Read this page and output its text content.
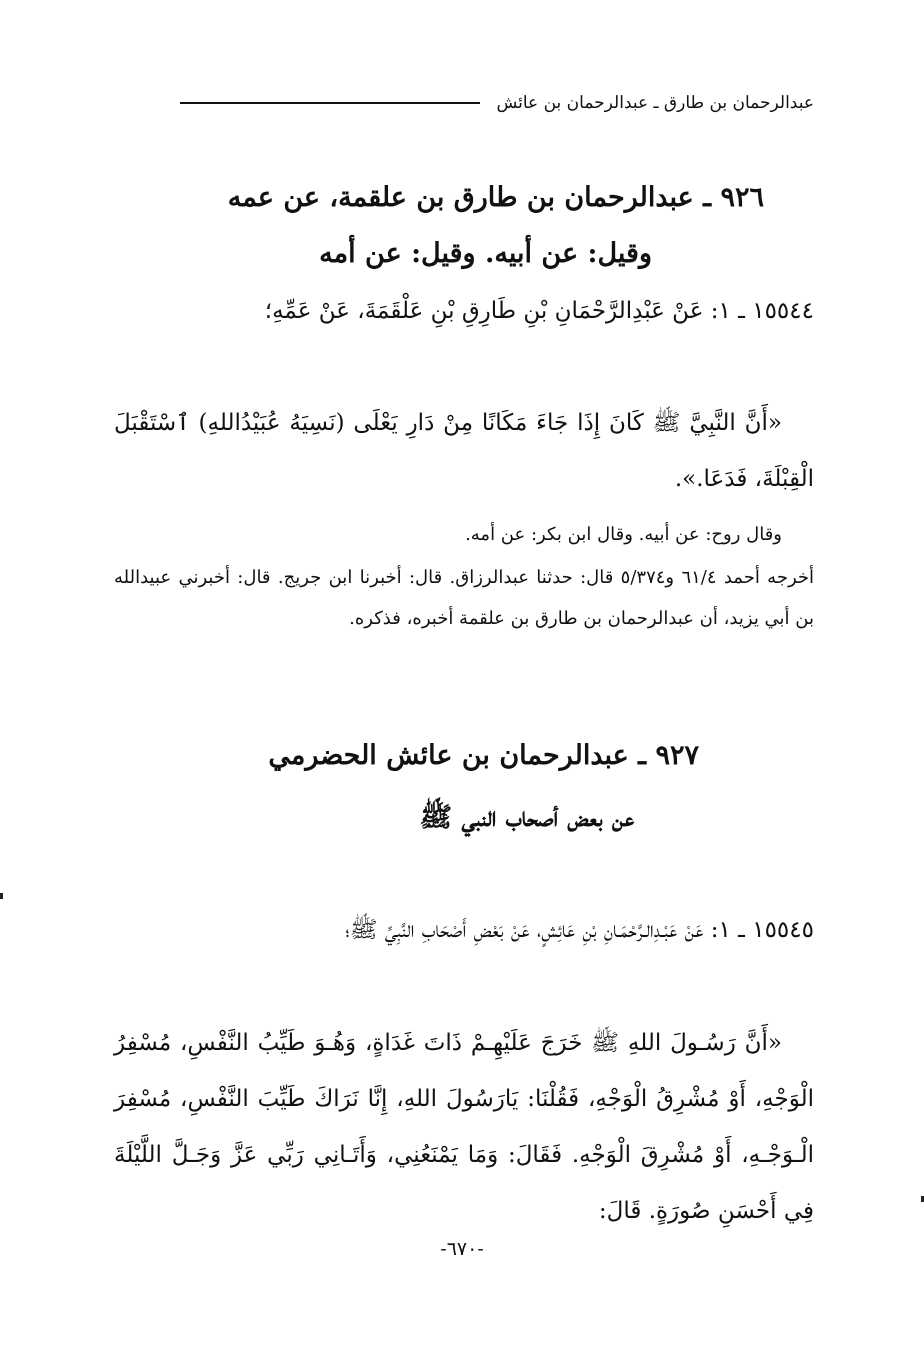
عبدالرحمان بن طارق ـ عبدالرحمان بن عائش
٩٢٦ ـ عبدالرحمان بن طارق بن علقمة، عن عمه
وقيل: عن أبيه. وقيل: عن أمه
١٥٥٤٤ ـ ١: عَنْ عَبْدِالرَّحْمَانِ بْنِ طَارِقِ بْنِ عَلْقَمَةَ، عَنْ عَمِّهِ؛
«أَنَّ النَّبِيَّ ﷺ كَانَ إِذَا جَاءَ مَكَانًا مِنْ دَارِ يَعْلَى (نَسِيَهُ عُبَيْدُاللهِ) ٱسْتَقْبَلَ الْقِبْلَةَ، فَدَعَا.».
وقال روح: عن أبيه. وقال ابن بكر: عن أمه.
أخرجه أحمد ٦١/٤ و٥/٣٧٤ قال: حدثنا عبدالرزاق. قال: أخبرنا ابن جريج. قال: أخبرني عبيدالله بن أبي يزيد، أن عبدالرحمان بن طارق بن علقمة أخبره، فذكره.
٩٢٧ ـ عبدالرحمان بن عائش الحضرمي
عن بعض أصحاب النبي ﷺ
١٥٥٤٥ ـ ١: عَنْ عَبْـدِالـرَّحْمَـانِ بْنِ عَائِشٍ، عَنْ بَعْضِ أَصْحَابِ النَّبِيِّ ﷺ؛
«أَنَّ رَسُـولَ اللهِ ﷺ خَرَجَ عَلَيْهِـمْ ذَاتَ غَدَاةٍ، وَهُـوَ طَيِّبُ النَّفْسِ، مُسْفِرُ الْوَجْهِ، أَوْ مُشْرِقُ الْوَجْهِ، فَقُلْنَا: يَارَسُولَ اللهِ، إِنَّا نَرَاكَ طَيِّبَ النَّفْسِ، مُسْفِرَ الْـوَجْـهِ، أَوْ مُشْرِقَ الْوَجْهِ. فَقَالَ: وَمَا يَمْنَعُنِي، وَأَتَـانِي رَبِّي عَزَّ وَجَـلَّ اللَّيْلَةَ فِي أَحْسَنِ صُورَةٍ. قَالَ:
-٦٧٠-
